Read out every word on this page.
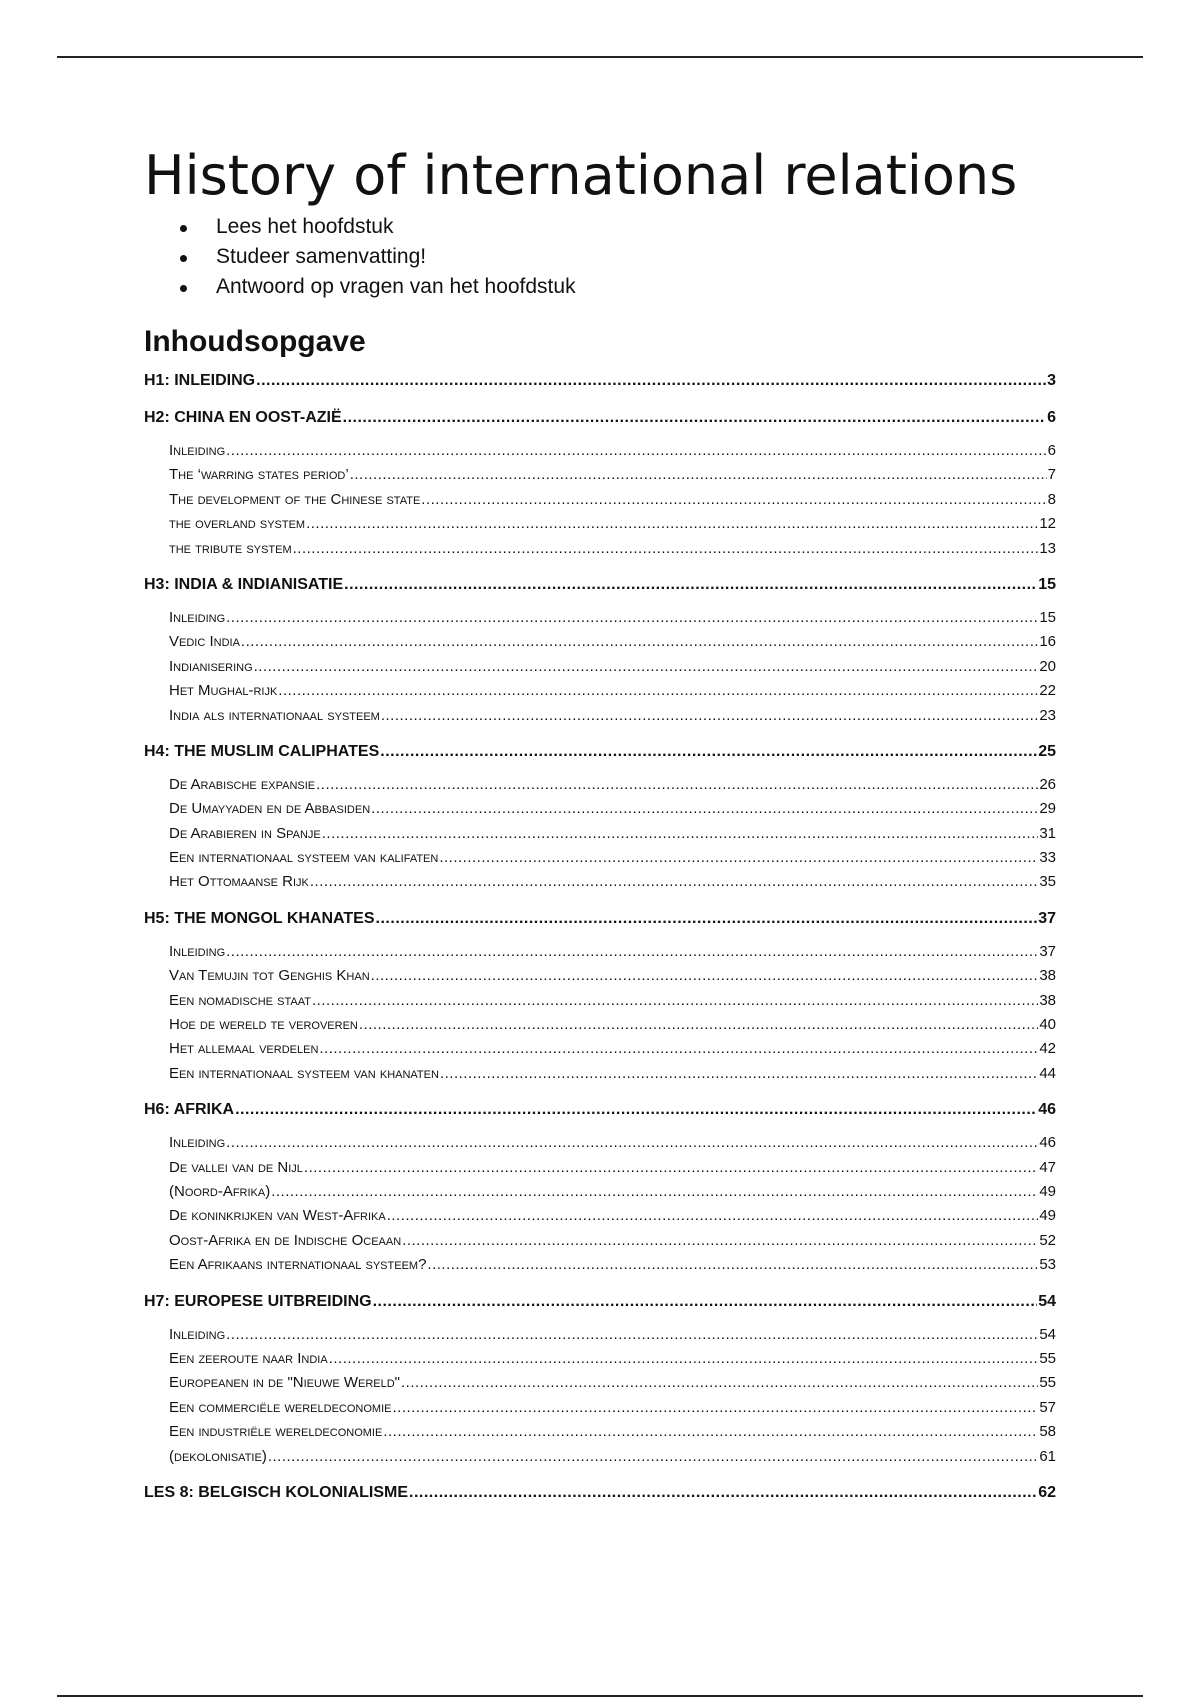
History of international relations
Lees het hoofdstuk
Studeer samenvatting!
Antwoord op vragen van het hoofdstuk
Inhoudsopgave
H1: INLEIDING .....	3
H2: CHINA EN OOST-AZIË .....	6
Inleiding .....	6
The ‘warring states period’ .....	7
The development of the Chinese state .....	8
the overland system .....	12
the tribute system .....	13
H3: INDIA & INDIANISATIE .....	15
Inleiding .....	15
Vedic India .....	16
Indianisering .....	20
Het Mughal-rijk .....	22
India als internationaal systeem .....	23
H4: THE MUSLIM CALIPHATES .....	25
De Arabische expansie .....	26
De Umayyaden en de Abbasiden .....	29
De Arabieren in Spanje .....	31
Een internationaal systeem van kalifaten .....	33
Het Ottomaanse Rijk .....	35
H5: THE MONGOL KHANATES .....	37
Inleiding .....	37
Van Temujin tot Genghis Khan .....	38
Een nomadische staat .....	38
Hoe de wereld te veroveren .....	40
Het allemaal verdelen .....	42
Een internationaal systeem van khanaten .....	44
H6: AFRIKA .....	46
Inleiding .....	46
De vallei van de Nijl .....	47
(Noord-Afrika) .....	49
De koninkrijken van West-Afrika .....	49
Oost-Afrika en de Indische Oceaan .....	52
Een Afrikaans internationaal systeem? .....	53
H7: EUROPESE UITBREIDING .....	54
Inleiding .....	54
Een zeeroute naar India .....	55
Europeanen in de "Nieuwe Wereld" .....	55
Een commerciële wereldeconomie .....	57
Een industriële wereldeconomie .....	58
(dekolonisatie) .....	61
LES 8: BELGISCH KOLONIALISME .....	62
